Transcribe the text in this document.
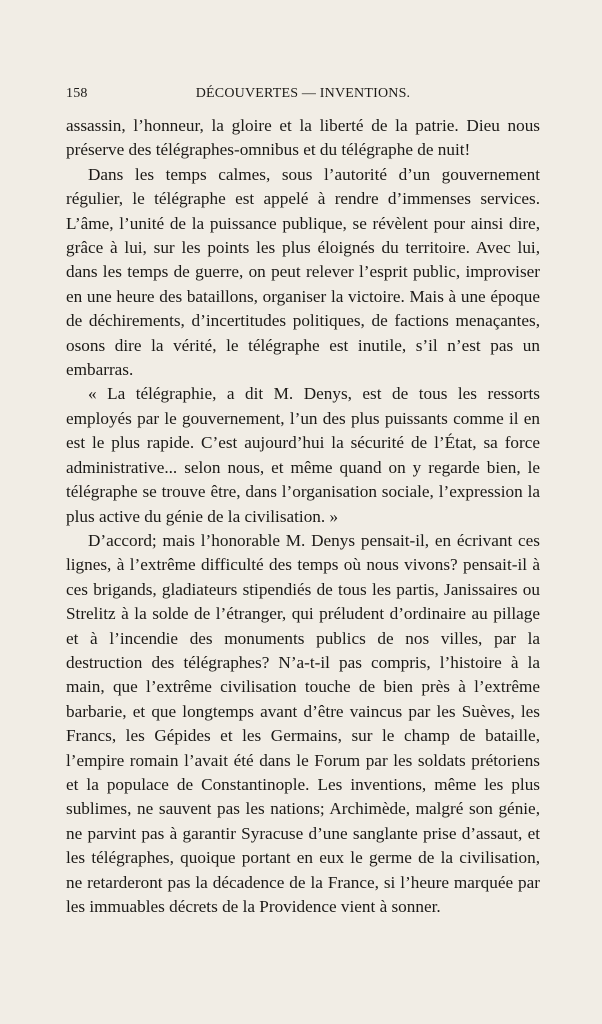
158	DÉCOUVERTES — INVENTIONS.

assassin, l’honneur, la gloire et la liberté de la patrie. Dieu nous préserve des télégraphes-omnibus et du télégraphe de nuit!

Dans les temps calmes, sous l’autorité d’un gouvernement régulier, le télégraphe est appelé à rendre d’immenses services. L’âme, l’unité de la puissance publique, se révèlent pour ainsi dire, grâce à lui, sur les points les plus éloignés du territoire. Avec lui, dans les temps de guerre, on peut relever l’esprit public, improviser en une heure des bataillons, organiser la victoire. Mais à une époque de déchirements, d’incertitudes politiques, de factions menaçantes, osons dire la vérité, le télégraphe est inutile, s’il n’est pas un embarras.

« La télégraphie, a dit M. Denys, est de tous les ressorts employés par le gouvernement, l’un des plus puissants comme il en est le plus rapide. C’est aujourd’hui la sécurité de l’État, sa force administrative... selon nous, et même quand on y regarde bien, le télégraphe se trouve être, dans l’organisation sociale, l’expression la plus active du génie de la civilisation. »

D’accord; mais l’honorable M. Denys pensait-il, en écrivant ces lignes, à l’extrême difficulté des temps où nous vivons? pensait-il à ces brigands, gladiateurs stipendiés de tous les partis, Janissaires ou Strelitz à la solde de l’étranger, qui préludent d’ordinaire au pillage et à l’incendie des monuments publics de nos villes, par la destruction des télégraphes? N’a-t-il pas compris, l’histoire à la main, que l’extrême civilisation touche de bien près à l’extrême barbarie, et que longtemps avant d’être vaincus par les Suèves, les Francs, les Gépides et les Germains, sur le champ de bataille, l’empire romain l’avait été dans le Forum par les soldats prétoriens et la populace de Constantinople. Les inventions, même les plus sublimes, ne sauvent pas les nations; Archimède, malgré son génie, ne parvint pas à garantir Syracuse d’une sanglante prise d’assaut, et les télégraphes, quoique portant en eux le germe de la civilisation, ne retarderont pas la décadence de la France, si l’heure marquée par les immuables décrets de la Providence vient à sonner.
